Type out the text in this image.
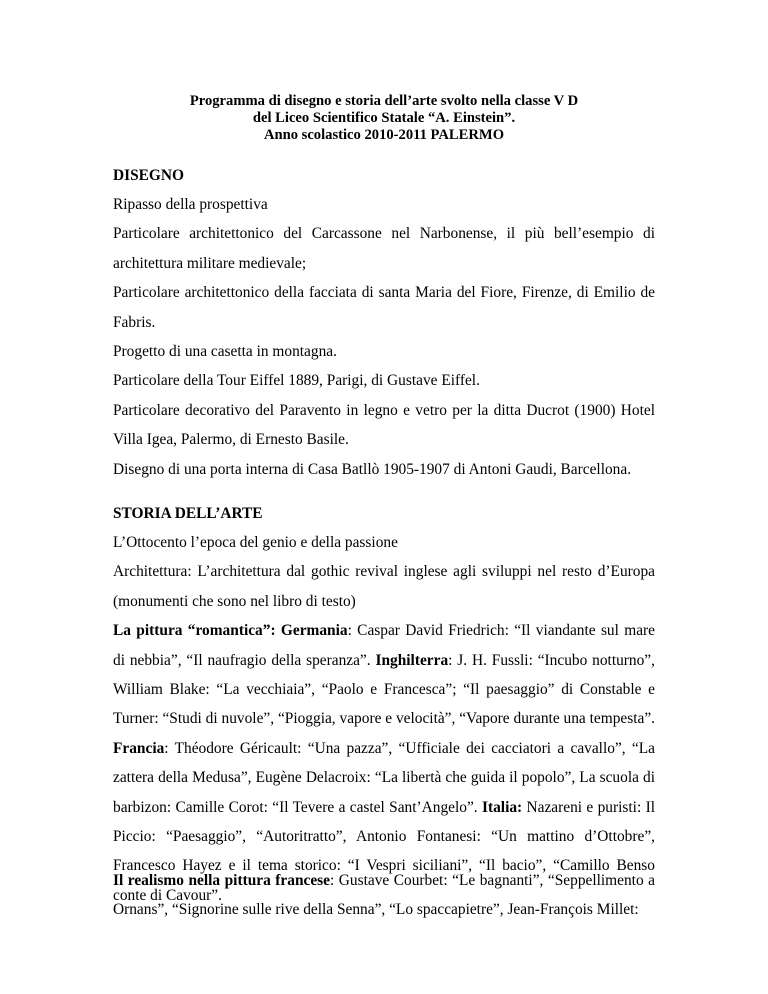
Programma di disegno e storia dell’arte svolto nella classe V D
del Liceo Scientifico Statale “A. Einstein”.
Anno scolastico 2010-2011 PALERMO
DISEGNO
Ripasso della prospettiva
Particolare architettonico del Carcassone nel Narbonense, il più bell’esempio di architettura militare medievale;
Particolare architettonico della facciata di santa Maria del Fiore, Firenze, di Emilio de Fabris.
Progetto di una casetta in montagna.
Particolare della Tour Eiffel 1889, Parigi, di Gustave Eiffel.
Particolare decorativo del Paravento in legno e vetro per la ditta Ducrot (1900) Hotel Villa Igea, Palermo, di Ernesto Basile.
Disegno di una porta interna di Casa Batllò 1905-1907 di Antoni Gaudi, Barcellona.
STORIA DELL’ARTE
L’Ottocento l’epoca del genio e della passione
Architettura: L’architettura dal gothic revival inglese agli sviluppi nel resto d’Europa (monumenti che sono nel libro di testo)
La pittura “romantica”: Germania: Caspar David Friedrich: “Il viandante sul mare di nebbia”, “Il naufragio della speranza”. Inghilterra: J. H. Fussli: “Incubo notturno”, William Blake: “La vecchiaia”, “Paolo e Francesca”; “Il paesaggio” di Constable e Turner: “Studi di nuvole”, “Pioggia, vapore e velocità”, “Vapore durante una tempesta”. Francia: Théodore Géricault: “Una pazza”, “Ufficiale dei cacciatori a cavallo”, “La zattera della Medusa”, Eugène Delacroix: “La libertà che guida il popolo”, La scuola di barbizon: Camille Corot: “Il Tevere a castel Sant’Angelo”. Italia: Nazareni e puristi: Il Piccio: “Paesaggio”, “Autoritratto”, Antonio Fontanesi: “Un mattino d’Ottobre”, Francesco Hayez e il tema storico: “I Vespri siciliani”, “Il bacio”, “Camillo Benso conte di Cavour”.
Il realismo nella pittura francese: Gustave Courbet: “Le bagnanti”, “Seppellimento a Ornans”, “Signorine sulle rive della Senna”, “Lo spaccapietre”, Jean-François Millet:
